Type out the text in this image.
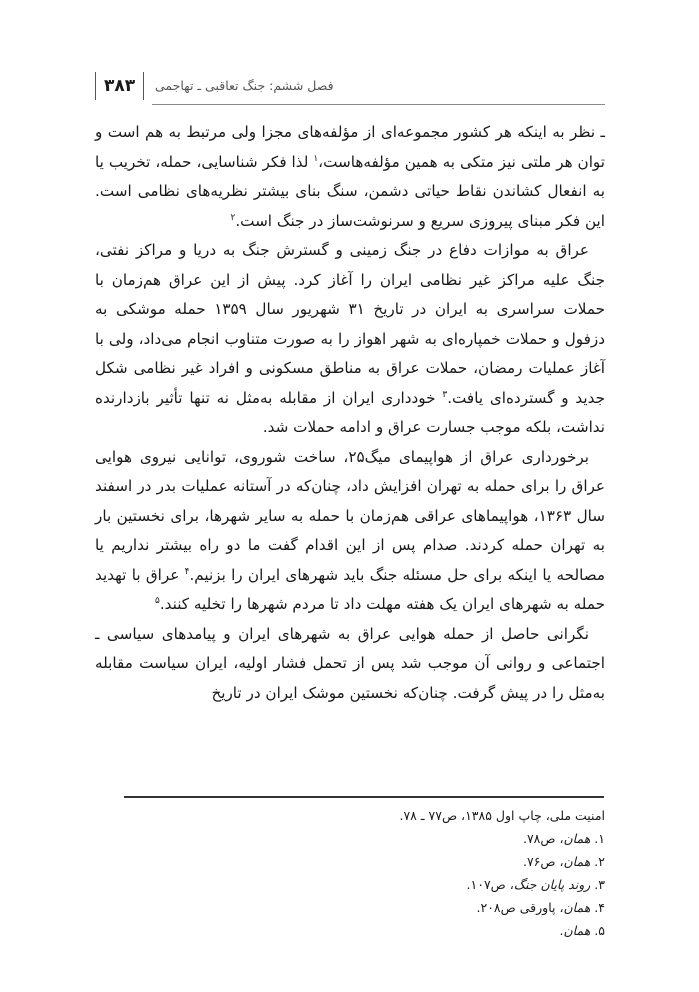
۳۸۳	فصل ششم: جنگ تعاقبی ـ تهاجمی

ـ نظر به اینکه هر کشور مجموعه‌ای از مؤلفه‌های مجزا ولی مرتبط به هم است و توان هر ملتی نیز متکی به همین مؤلفه‌هاست،$^۱$ لذا فکر شناسایی، حمله، تخریب یا به انفعال کشاندن نقاط حیاتی دشمن، سنگ بنای بیشتر نظریه‌های نظامی است. این فکر مبنای پیروزی سریع و سرنوشت‌ساز در جنگ است.$^۲$

عراق به موازات دفاع در جنگ زمینی و گسترش جنگ به دریا و مراکز نفتی، جنگ علیه مراکز غیر نظامی ایران را آغاز کرد. پیش از این عراق هم‌زمان با حملات سراسری به ایران در تاریخ ۳۱ شهریور سال ۱۳۵۹ حمله موشکی به دزفول و حملات خمپاره‌ای به شهر اهواز را به صورت متناوب انجام می‌داد، ولی با آغاز عملیات رمضان، حملات عراق به مناطق مسکونی و افراد غیر نظامی شکل جدید و گسترده‌ای یافت.$^۳$ خودداری ایران از مقابله به‌مثل نه تنها تأثیر بازدارنده نداشت، بلکه موجب جسارت عراق و ادامه حملات شد.

برخورداری عراق از هواپیمای میگ۲۵، ساخت شوروی، توانایی نیروی هوایی عراق را برای حمله به تهران افزایش داد، چنان‌که در آستانه عملیات بدر در اسفند سال ۱۳۶۳، هواپیماهای عراقی هم‌زمان با حمله به سایر شهرها، برای نخستین بار به تهران حمله کردند. صدام پس از این اقدام گفت ما دو راه بیشتر نداریم یا مصالحه یا اینکه برای حل مسئله جنگ باید شهرهای ایران را بزنیم.$^۴$ عراق با تهدید حمله به شهرهای ایران یک هفته مهلت داد تا مردم شهرها را تخلیه کنند.$^۵$

نگرانی حاصل از حمله هوایی عراق به شهرهای ایران و پیامدهای سیاسی ـ اجتماعی و روانی آن موجب شد پس از تحمل فشار اولیه، ایران سیاست مقابله به‌مثل را در پیش گرفت. چنان‌که نخستین موشک ایران در تاریخ

امنیت ملی، چاپ اول ۱۳۸۵، ص۷۷ ـ ۷۸.

۱. همان، ص۷۸.

۲. همان، ص۷۶.

۳. روند پایان جنگ، ص۱۰۷.

۴. همان، پاورقی ص۲۰۸.

۵. همان.
